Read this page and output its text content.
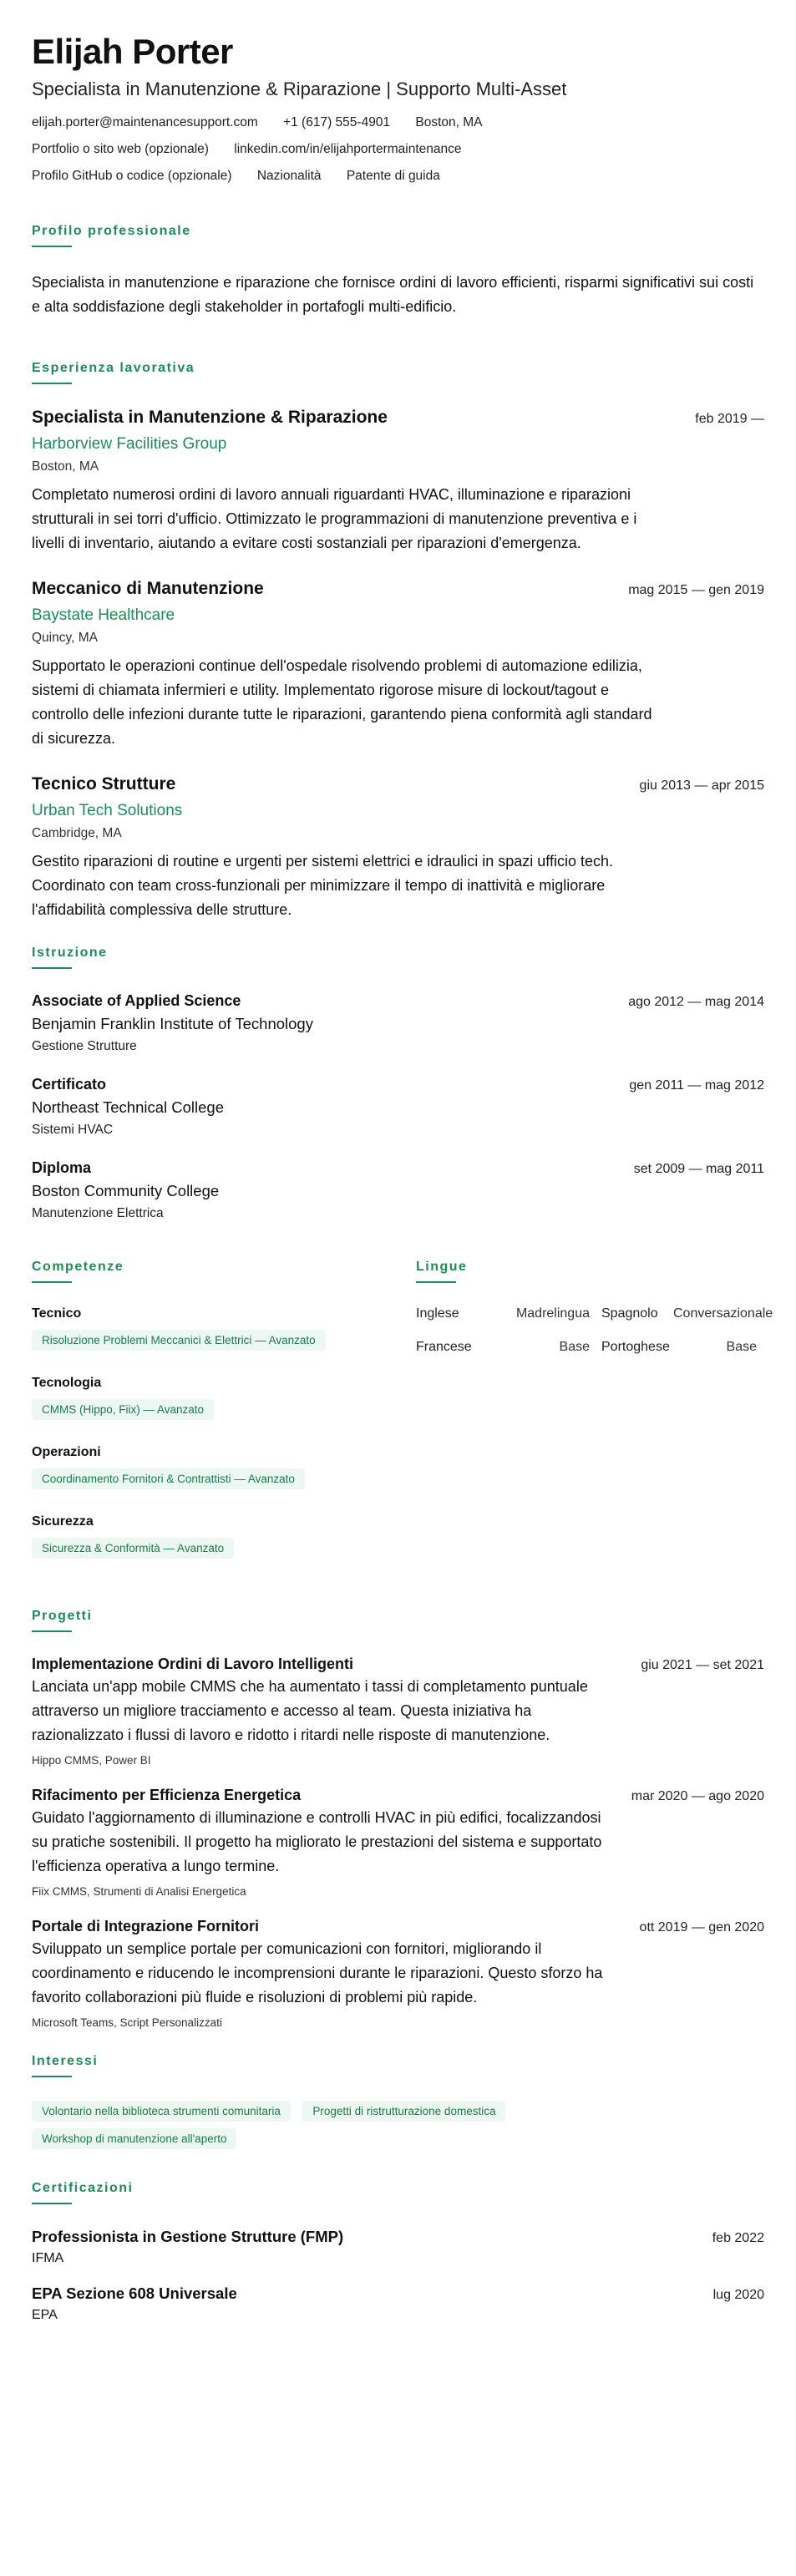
Elijah Porter
Specialista in Manutenzione & Riparazione | Supporto Multi-Asset
elijah.porter@maintenancesupport.com +1 (617) 555-4901 Boston, MA
Portfolio o sito web (opzionale) linkedin.com/in/elijahportermaintenance
Profilo GitHub o codice (opzionale) Nazionalità Patente di guida
Profilo professionale
Specialista in manutenzione e riparazione che fornisce ordini di lavoro efficienti, risparmi significativi sui costi e alta soddisfazione degli stakeholder in portafogli multi-edificio.
Esperienza lavorativa
Specialista in Manutenzione & Riparazione	feb 2019 —
Harborview Facilities Group
Boston, MA
Completato numerosi ordini di lavoro annuali riguardanti HVAC, illuminazione e riparazioni strutturali in sei torri d'ufficio. Ottimizzato le programmazioni di manutenzione preventiva e i livelli di inventario, aiutando a evitare costi sostanziali per riparazioni d'emergenza.
Meccanico di Manutenzione	mag 2015 — gen 2019
Baystate Healthcare
Quincy, MA
Supportato le operazioni continue dell'ospedale risolvendo problemi di automazione edilizia, sistemi di chiamata infermieri e utility. Implementato rigorose misure di lockout/tagout e controllo delle infezioni durante tutte le riparazioni, garantendo piena conformità agli standard di sicurezza.
Tecnico Strutture	giu 2013 — apr 2015
Urban Tech Solutions
Cambridge, MA
Gestito riparazioni di routine e urgenti per sistemi elettrici e idraulici in spazi ufficio tech. Coordinato con team cross-funzionali per minimizzare il tempo di inattività e migliorare l'affidabilità complessiva delle strutture.
Istruzione
Associate of Applied Science	ago 2012 — mag 2014
Benjamin Franklin Institute of Technology
Gestione Strutture
Certificato	gen 2011 — mag 2012
Northeast Technical College
Sistemi HVAC
Diploma	set 2009 — mag 2011
Boston Community College
Manutenzione Elettrica
Competenze
Tecnico
Risoluzione Problemi Meccanici & Elettrici — Avanzato
Tecnologia
CMMS (Hippo, Fiix) — Avanzato
Operazioni
Coordinamento Fornitori & Contrattisti — Avanzato
Sicurezza
Sicurezza & Conformità — Avanzato
Lingue
Inglese	Madrelingua Spagnolo	Conversazionale
Francese	Base Portoghese	Base
Progetti
Implementazione Ordini di Lavoro Intelligenti	giu 2021 — set 2021
Lanciata un'app mobile CMMS che ha aumentato i tassi di completamento puntuale attraverso un migliore tracciamento e accesso al team. Questa iniziativa ha razionalizzato i flussi di lavoro e ridotto i ritardi nelle risposte di manutenzione.
Hippo CMMS, Power BI
Rifacimento per Efficienza Energetica	mar 2020 — ago 2020
Guidato l'aggiornamento di illuminazione e controlli HVAC in più edifici, focalizzandosi su pratiche sostenibili. Il progetto ha migliorato le prestazioni del sistema e supportato l'efficienza operativa a lungo termine.
Fiix CMMS, Strumenti di Analisi Energetica
Portale di Integrazione Fornitori	ott 2019 — gen 2020
Sviluppato un semplice portale per comunicazioni con fornitori, migliorando il coordinamento e riducendo le incomprensioni durante le riparazioni. Questo sforzo ha favorito collaborazioni più fluide e risoluzioni di problemi più rapide.
Microsoft Teams, Script Personalizzati
Interessi
Volontario nella biblioteca strumenti comunitaria	Progetti di ristrutturazione domestica
Workshop di manutenzione all'aperto
Certificazioni
Professionista in Gestione Strutture (FMP)	feb 2022
IFMA
EPA Sezione 608 Universale	lug 2020
EPA
